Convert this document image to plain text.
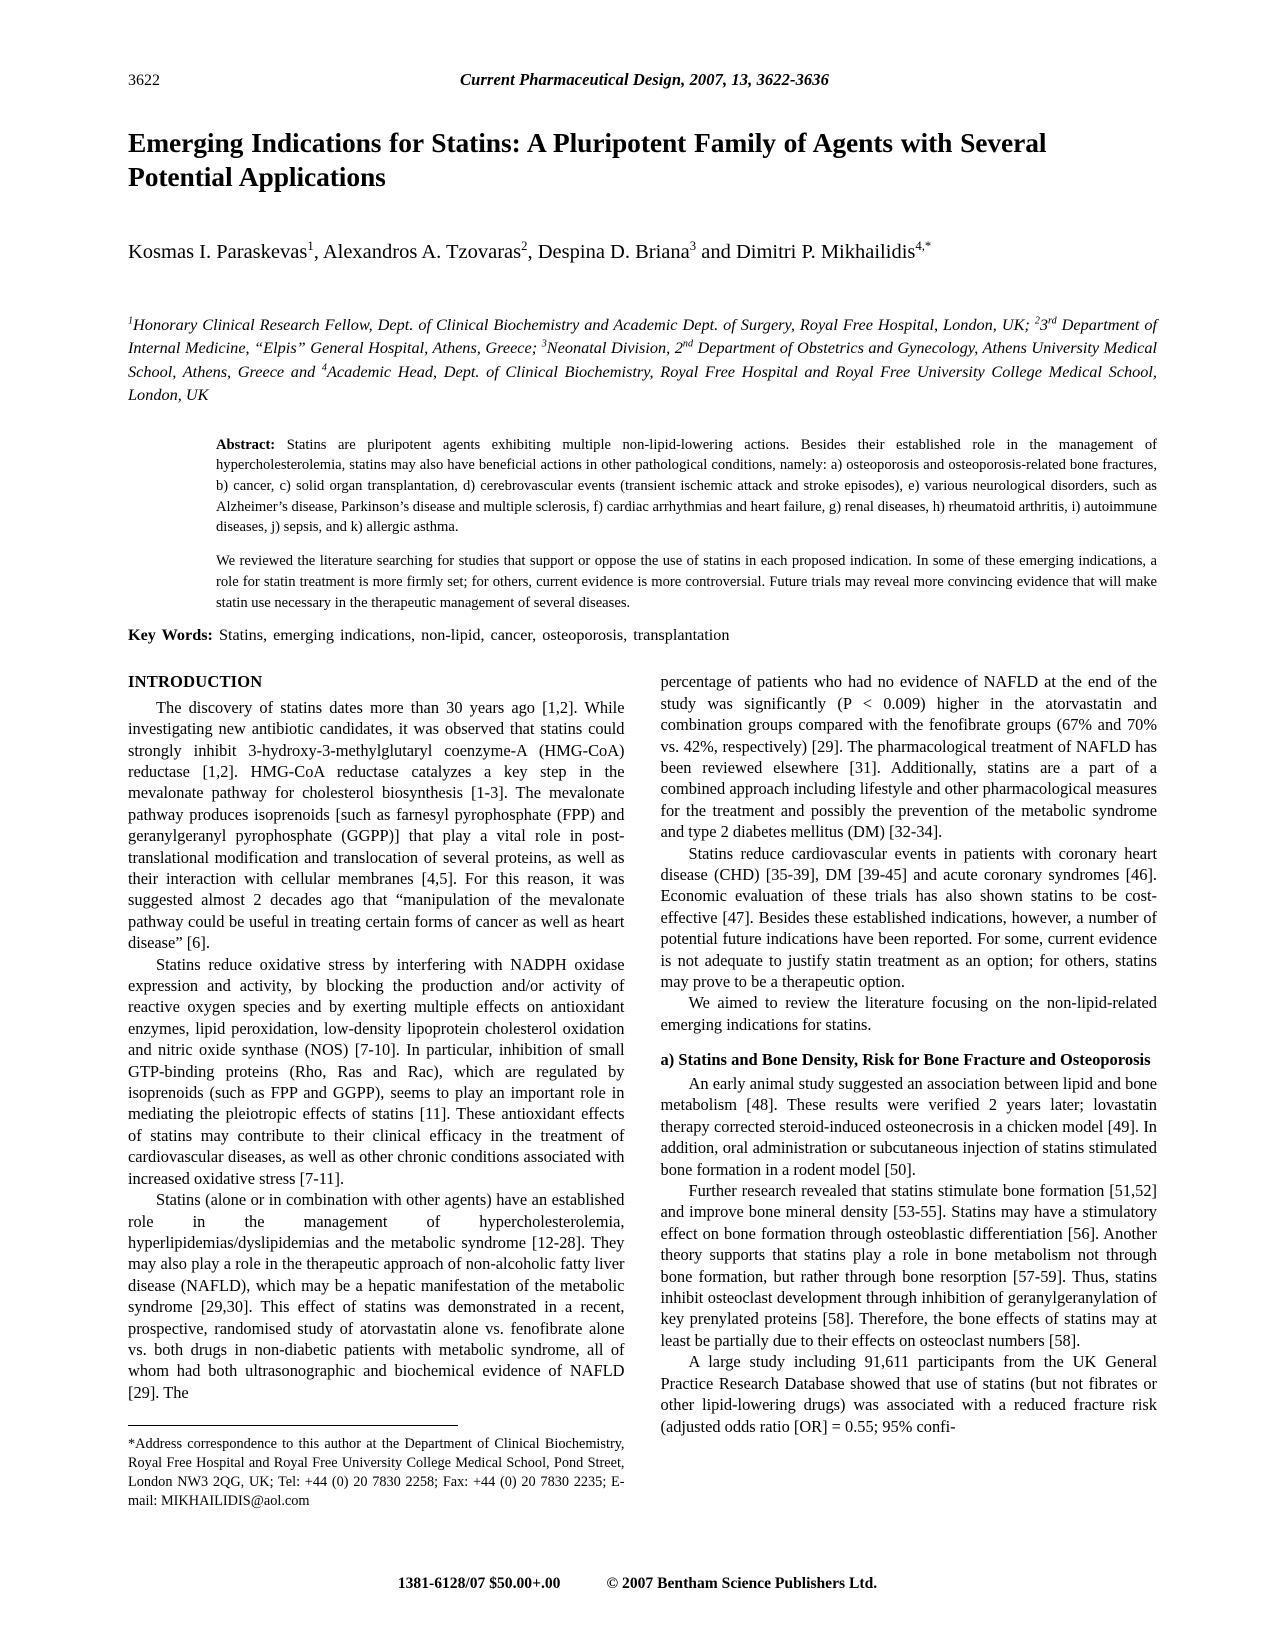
3622	Current Pharmaceutical Design, 2007, 13, 3622-3636
Emerging Indications for Statins: A Pluripotent Family of Agents with Several
Potential Applications
Kosmas I. Paraskevas$^1$, Alexandros A. Tzovaras$^2$, Despina D. Briana$^3$ and Dimitri P. Mikhailidis$^{4,*}$
$^1$Honorary Clinical Research Fellow, Dept. of Clinical Biochemistry and Academic Dept. of Surgery, Royal Free Hospital, London, UK; $^2$3rd Department of Internal Medicine, “Elpis” General Hospital, Athens, Greece; $^3$Neonatal Division, 2nd Department of Obstetrics and Gynecology, Athens University Medical School, Athens, Greece and $^4$Academic Head, Dept. of Clinical Biochemistry, Royal Free Hospital and Royal Free University College Medical School, London, UK

Abstract: Statins are pluripotent agents exhibiting multiple non-lipid-lowering actions. Besides their established role in the management of hypercholesterolemia, statins may also have beneficial actions in other pathological conditions, namely: a) osteoporosis and osteoporosis-related bone fractures, b) cancer, c) solid organ transplantation, d) cerebrovascular events (transient ischemic attack and stroke episodes), e) various neurological disorders, such as Alzheimer’s disease, Parkinson’s disease and multiple sclerosis, f) cardiac arrhythmias and heart failure, g) renal diseases, h) rheumatoid arthritis, i) autoimmune diseases, j) sepsis, and k) allergic asthma.

We reviewed the literature searching for studies that support or oppose the use of statins in each proposed indication. In some of these emerging indications, a role for statin treatment is more firmly set; for others, current evidence is more controversial. Future trials may reveal more convincing evidence that will make statin use necessary in the therapeutic management of several diseases.

Key Words: Statins, emerging indications, non-lipid, cancer, osteoporosis, transplantation

INTRODUCTION

The discovery of statins dates more than 30 years ago [1,2]. While investigating new antibiotic candidates, it was observed that statins could strongly inhibit 3-hydroxy-3-methylglutaryl coenzyme-A (HMG-CoA) reductase [1,2]. HMG-CoA reductase catalyzes a key step in the mevalonate pathway for cholesterol biosynthesis [1-3]. The mevalonate pathway produces isoprenoids [such as farnesyl pyrophosphate (FPP) and geranylgeranyl pyrophosphate (GGPP)] that play a vital role in post-translational modification and translocation of several proteins, as well as their interaction with cellular membranes [4,5]. For this reason, it was suggested almost 2 decades ago that “manipulation of the mevalonate pathway could be useful in treating certain forms of cancer as well as heart disease” [6].

Statins reduce oxidative stress by interfering with NADPH oxidase expression and activity, by blocking the production and/or activity of reactive oxygen species and by exerting multiple effects on antioxidant enzymes, lipid peroxidation, low-density lipoprotein cholesterol oxidation and nitric oxide synthase (NOS) [7-10]. In particular, inhibition of small GTP-binding proteins (Rho, Ras and Rac), which are regulated by isoprenoids (such as FPP and GGPP), seems to play an important role in mediating the pleiotropic effects of statins [11]. These antioxidant effects of statins may contribute to their clinical efficacy in the treatment of cardiovascular diseases, as well as other chronic conditions associated with increased oxidative stress [7-11].

Statins (alone or in combination with other agents) have an established role in the management of hypercholesterolemia, hyperlipidemias/dyslipidemias and the metabolic syndrome [12-28]. They may also play a role in the therapeutic approach of non-alcoholic fatty liver disease (NAFLD), which may be a hepatic manifestation of the metabolic syndrome [29,30]. This effect of statins was demonstrated in a recent, prospective, randomised study of atorvastatin alone vs. fenofibrate alone vs. both drugs in non-diabetic patients with metabolic syndrome, all of whom had both ultrasonographic and biochemical evidence of NAFLD [29]. The

*Address correspondence to this author at the Department of Clinical Biochemistry, Royal Free Hospital and Royal Free University College Medical School, Pond Street, London NW3 2QG, UK; Tel: +44 (0) 20 7830 2258; Fax: +44 (0) 20 7830 2235; E-mail: MIKHAILIDIS@aol.com

percentage of patients who had no evidence of NAFLD at the end of the study was significantly (P < 0.009) higher in the atorvastatin and combination groups compared with the fenofibrate groups (67% and 70% vs. 42%, respectively) [29]. The pharmacological treatment of NAFLD has been reviewed elsewhere [31]. Additionally, statins are a part of a combined approach including lifestyle and other pharmacological measures for the treatment and possibly the prevention of the metabolic syndrome and type 2 diabetes mellitus (DM) [32-34].

Statins reduce cardiovascular events in patients with coronary heart disease (CHD) [35-39], DM [39-45] and acute coronary syndromes [46]. Economic evaluation of these trials has also shown statins to be cost-effective [47]. Besides these established indications, however, a number of potential future indications have been reported. For some, current evidence is not adequate to justify statin treatment as an option; for others, statins may prove to be a therapeutic option.

We aimed to review the literature focusing on the non-lipid-related emerging indications for statins.

a) Statins and Bone Density, Risk for Bone Fracture and Osteoporosis

An early animal study suggested an association between lipid and bone metabolism [48]. These results were verified 2 years later; lovastatin therapy corrected steroid-induced osteonecrosis in a chicken model [49]. In addition, oral administration or subcutaneous injection of statins stimulated bone formation in a rodent model [50].

Further research revealed that statins stimulate bone formation [51,52] and improve bone mineral density [53-55]. Statins may have a stimulatory effect on bone formation through osteoblastic differentiation [56]. Another theory supports that statins play a role in bone metabolism not through bone formation, but rather through bone resorption [57-59]. Thus, statins inhibit osteoclast development through inhibition of geranylgeranylation of key prenylated proteins [58]. Therefore, the bone effects of statins may at least be partially due to their effects on osteoclast numbers [58].

A large study including 91,611 participants from the UK General Practice Research Database showed that use of statins (but not fibrates or other lipid-lowering drugs) was associated with a reduced fracture risk (adjusted odds ratio [OR] = 0.55; 95% confi-

1381-6128/07 $50.00+.00	© 2007 Bentham Science Publishers Ltd.
